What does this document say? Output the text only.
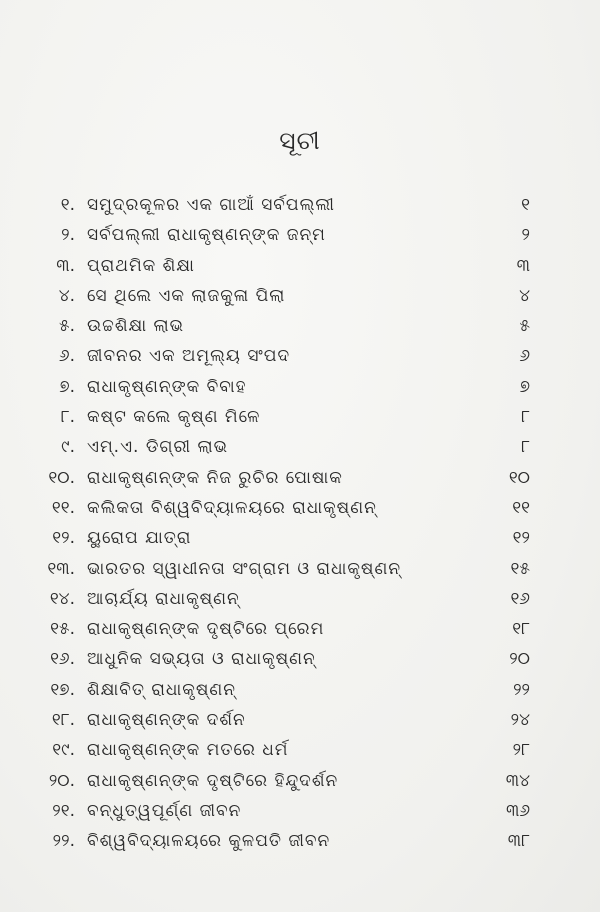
ସୂଚୀ
୧. ସମୁଦ୍ରକୂଳର ଏକ ଗାଆଁ ସର୍ବପଲ୍ଲୀ	୧
୨. ସର୍ବପଲ୍ଲୀ ରାଧାକୃଷ୍ଣନ୍‌ଙ୍କ ଜନ୍ମ	୨
୩. ପ୍ରାଥମିକ ଶିକ୍ଷା	୩
୪. ସେ ଥିଲେ ଏକ ଲାଜକୁଳା ପିଲା	୪
୫. ଉଚ୍ଚଶିକ୍ଷା ଲାଭ	୫
୬. ଜୀବନର ଏକ ଅମୂଲ୍ୟ ସଂପଦ	୬
୭. ରାଧାକୃଷ୍ଣନ୍‌ଙ୍କ ବିବାହ	୭
୮. କଷ୍ଟ କଲେ କୃଷ୍ଣ ମିଳେ	୮
୯. ଏମ୍‌.ଏ. ଡିଗ୍ରୀ ଲାଭ	୮
୧୦. ରାଧାକୃଷ୍ଣନ୍‌ଙ୍କ ନିଜ ରୁଚିର ପୋଷାକ	୧୦
୧୧. କଲିକତା ବିଶ୍ୱବିଦ୍ୟାଳୟରେ ରାଧାକୃଷ୍ଣନ୍	୧୧
୧୨. ୟୁରୋପ ଯାତ୍ରା	୧୨
୧୩. ଭାରତର ସ୍ୱାଧୀନତା ସଂଗ୍ରାମ ଓ ରାଧାକୃଷ୍ଣନ୍	୧୫
୧୪. ଆଚାର୍ଯ୍ୟ ରାଧାକୃଷ୍ଣନ୍	୧୬
୧୫. ରାଧାକୃଷ୍ଣନ୍‌ଙ୍କ ଦୃଷ୍ଟିରେ ପ୍ରେମ	୧୮
୧୬. ଆଧୁନିକ ସଭ୍ୟତା ଓ ରାଧାକୃଷ୍ଣନ୍	୨୦
୧୭. ଶିକ୍ଷାବିତ୍ ରାଧାକୃଷ୍ଣନ୍	୨୨
୧୮. ରାଧାକୃଷ୍ଣନ୍‌ଙ୍କ ଦର୍ଶନ	୨୪
୧୯. ରାଧାକୃଷ୍ଣନ୍‌ଙ୍କ ମତରେ ଧର୍ମ	୨୮
୨୦. ରାଧାକୃଷ୍ଣନ୍‌ଙ୍କ ଦୃଷ୍ଟିରେ ହିନ୍ଦୁଦର୍ଶନ	୩୪
୨୧. ବନ୍ଧୁତ୍ୱପୂର୍ଣ୍ଣ ଜୀବନ	୩୬
୨୨. ବିଶ୍ୱବିଦ୍ୟାଳୟରେ କୁଳପତି ଜୀବନ	୩୮
